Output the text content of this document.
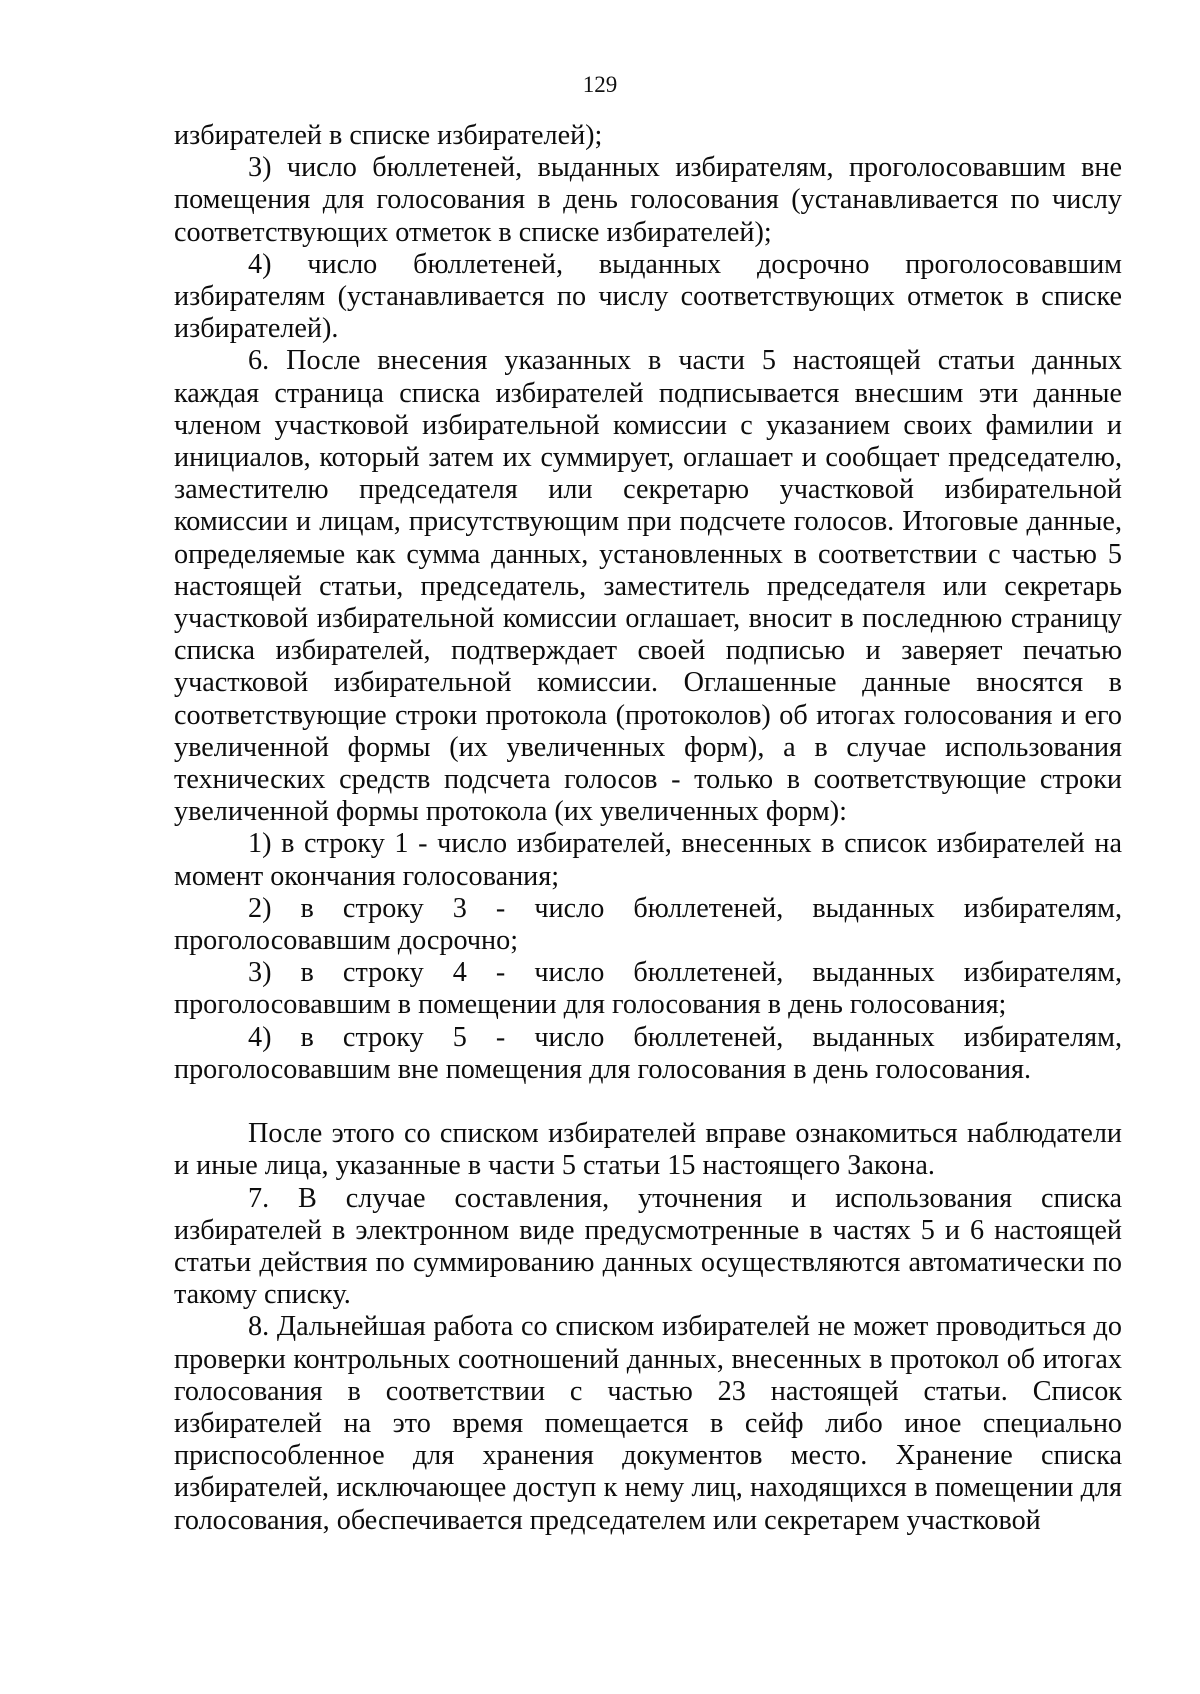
129

избирателей в списке избирателей);

3) число бюллетеней, выданных избирателям, проголосовавшим вне помещения для голосования в день голосования (устанавливается по числу соответствующих отметок в списке избирателей);

4) число бюллетеней, выданных досрочно проголосовавшим избирателям (устанавливается по числу соответствующих отметок в списке избирателей).

6. После внесения указанных в части 5 настоящей статьи данных каждая страница списка избирателей подписывается внесшим эти данные членом участковой избирательной комиссии с указанием своих фамилии и инициалов, который затем их суммирует, оглашает и сообщает председателю, заместителю председателя или секретарю участковой избирательной комиссии и лицам, присутствующим при подсчете голосов. Итоговые данные, определяемые как сумма данных, установленных в соответствии с частью 5 настоящей статьи, председатель, заместитель председателя или секретарь участковой избирательной комиссии оглашает, вносит в последнюю страницу списка избирателей, подтверждает своей подписью и заверяет печатью участковой избирательной комиссии. Оглашенные данные вносятся в соответствующие строки протокола (протоколов) об итогах голосования и его увеличенной формы (их увеличенных форм), а в случае использования технических средств подсчета голосов - только в соответствующие строки увеличенной формы протокола (их увеличенных форм):

1) в строку 1 - число избирателей, внесенных в список избирателей на момент окончания голосования;

2) в строку 3 - число бюллетеней, выданных избирателям, проголосовавшим досрочно;

3) в строку 4 - число бюллетеней, выданных избирателям, проголосовавшим в помещении для голосования в день голосования;

4) в строку 5 - число бюллетеней, выданных избирателям, проголосовавшим вне помещения для голосования в день голосования.

После этого со списком избирателей вправе ознакомиться наблюдатели и иные лица, указанные в части 5 статьи 15 настоящего Закона.

7. В случае составления, уточнения и использования списка избирателей в электронном виде предусмотренные в частях 5 и 6 настоящей статьи действия по суммированию данных осуществляются автоматически по такому списку.

8. Дальнейшая работа со списком избирателей не может проводиться до проверки контрольных соотношений данных, внесенных в протокол об итогах голосования в соответствии с частью 23 настоящей статьи. Список избирателей на это время помещается в сейф либо иное специально приспособленное для хранения документов место. Хранение списка избирателей, исключающее доступ к нему лиц, находящихся в помещении для голосования, обеспечивается председателем или секретарем участковой
